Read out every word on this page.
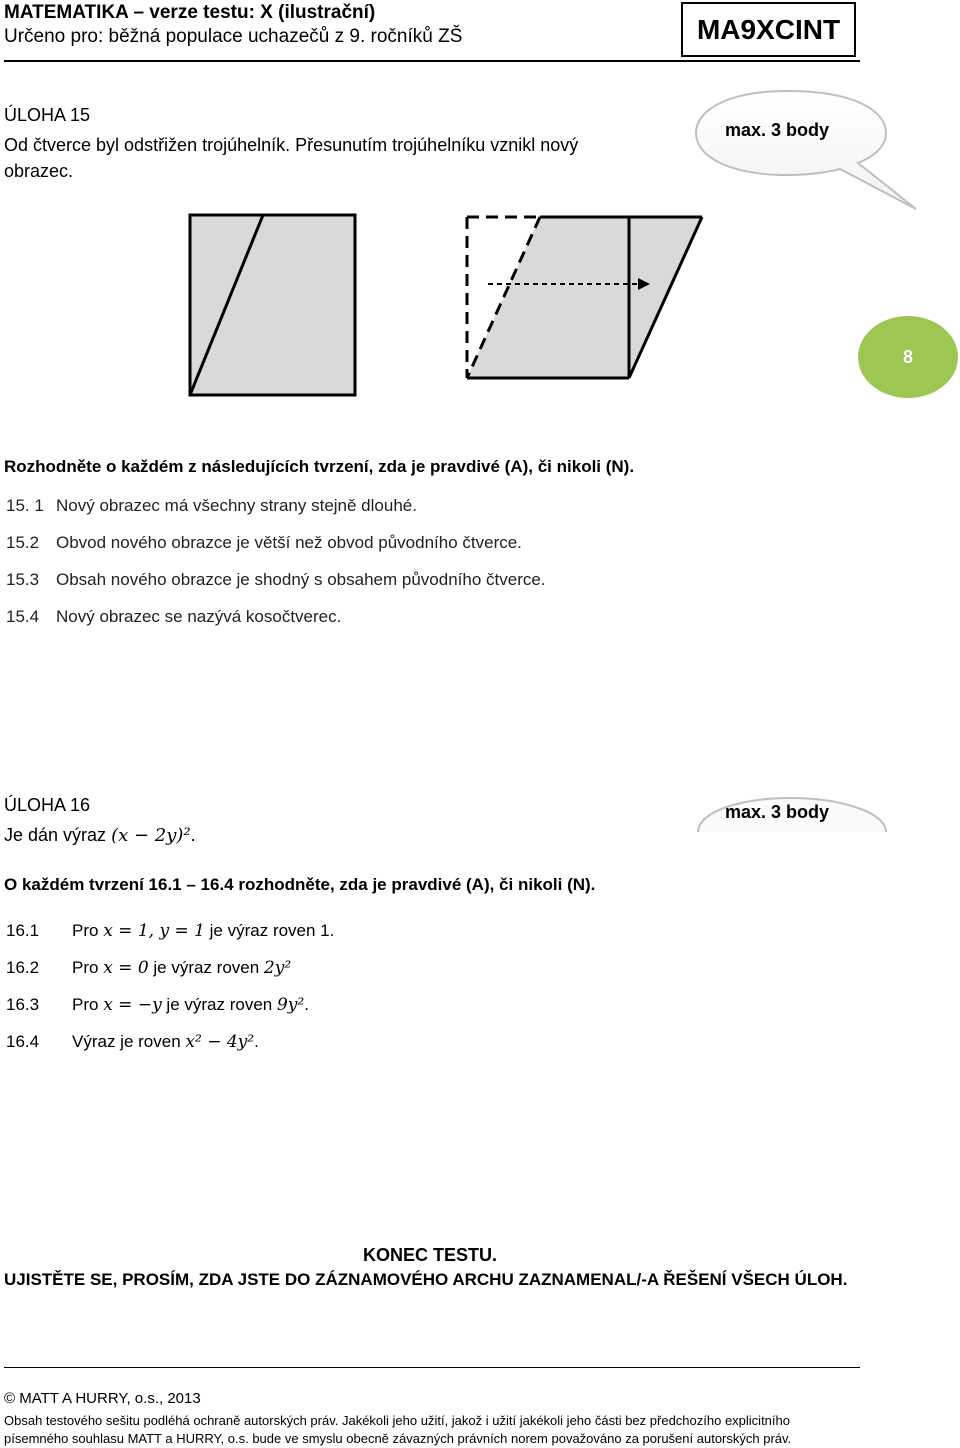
MATEMATIKA – verze testu: X (ilustrační)
Určeno pro: běžná populace uchazečů z 9. ročníků ZŠ	MA9XCINT
ÚLOHA 15
Od čtverce byl odstřižen trojúhelník. Přesunutím trojúhelníku vznikl nový
obrazec.
max. 3 body
8
Rozhodněte o každém z následujících tvrzení, zda je pravdivé (A), či nikoli (N).
15. 1 Nový obrazec má všechny strany stejně dlouhé.
15.2 Obvod nového obrazce je větší než obvod původního čtverce.
15.3 Obsah nového obrazce je shodný s obsahem původního čtverce.
15.4 Nový obrazec se nazývá kosočtverec.
ÚLOHA 16
Je dán výraz (x − 2y)².
max. 3 body
O každém tvrzení 16.1 – 16.4 rozhodněte, zda je pravdivé (A), či nikoli (N).
16.1 Pro x = 1, y = 1 je výraz roven 1.
16.2 Pro x = 0 je výraz roven 2y²
16.3 Pro x = −y je výraz roven 9y².
16.4 Výraz je roven x² − 4y².
KONEC TESTU.
UJISTĚTE SE, PROSÍM, ZDA JSTE DO ZÁZNAMOVÉHO ARCHU ZAZNAMENAL/-A ŘEŠENÍ VŠECH ÚLOH.
© MATT A HURRY, o.s., 2013
Obsah testového sešitu podléhá ochraně autorských práv. Jakékoli jeho užití, jakož i užití jakékoli jeho části bez předchozího explicitního
písemného souhlasu MATT a HURRY, o.s. bude ve smyslu obecně závazných právních norem považováno za porušení autorských práv.
